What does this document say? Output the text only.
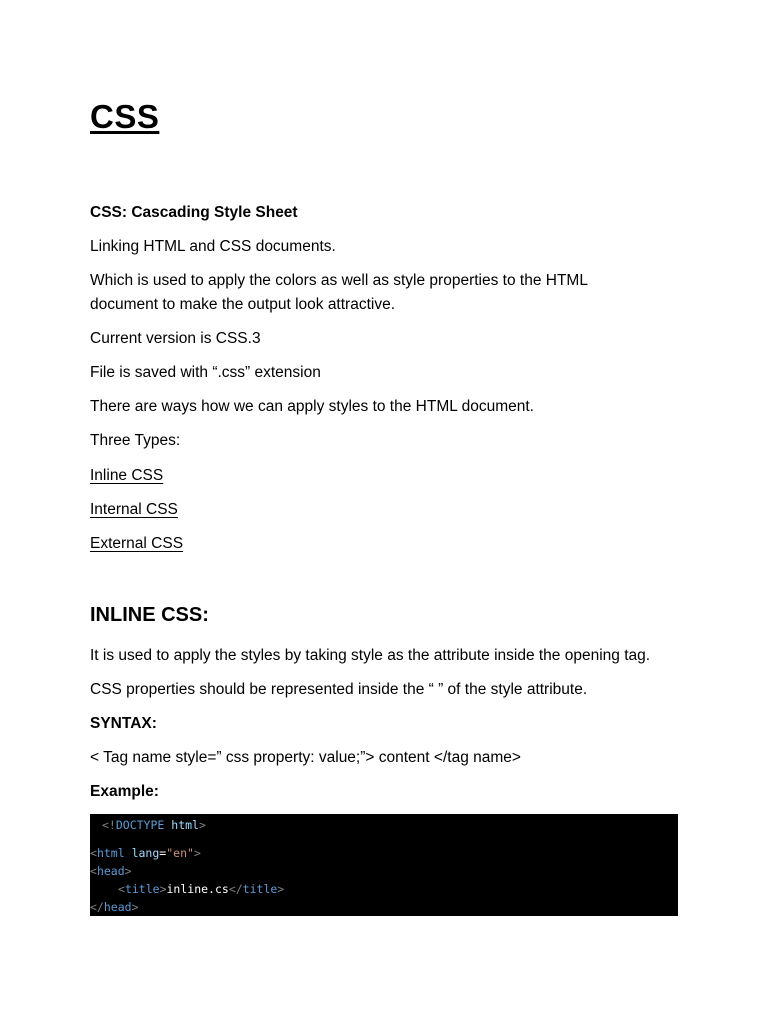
CSS

CSS: Cascading Style Sheet

Linking HTML and CSS documents.

Which is used to apply the colors as well as style properties to the HTML document to make the output look attractive.

Current version is CSS.3

File is saved with “.css” extension

There are ways how we can apply styles to the HTML document.

Three Types:

Inline CSS

Internal CSS

External CSS

INLINE CSS:

It is used to apply the styles by taking style as the attribute inside the opening tag.

CSS properties should be represented inside the “ ” of the style attribute.

SYNTAX:

< Tag name style=” css property: value;”> content </tag name>

Example:

<!DOCTYPE html>
<html lang="en">
<head>
<title>inline.cs</title>
</head>
